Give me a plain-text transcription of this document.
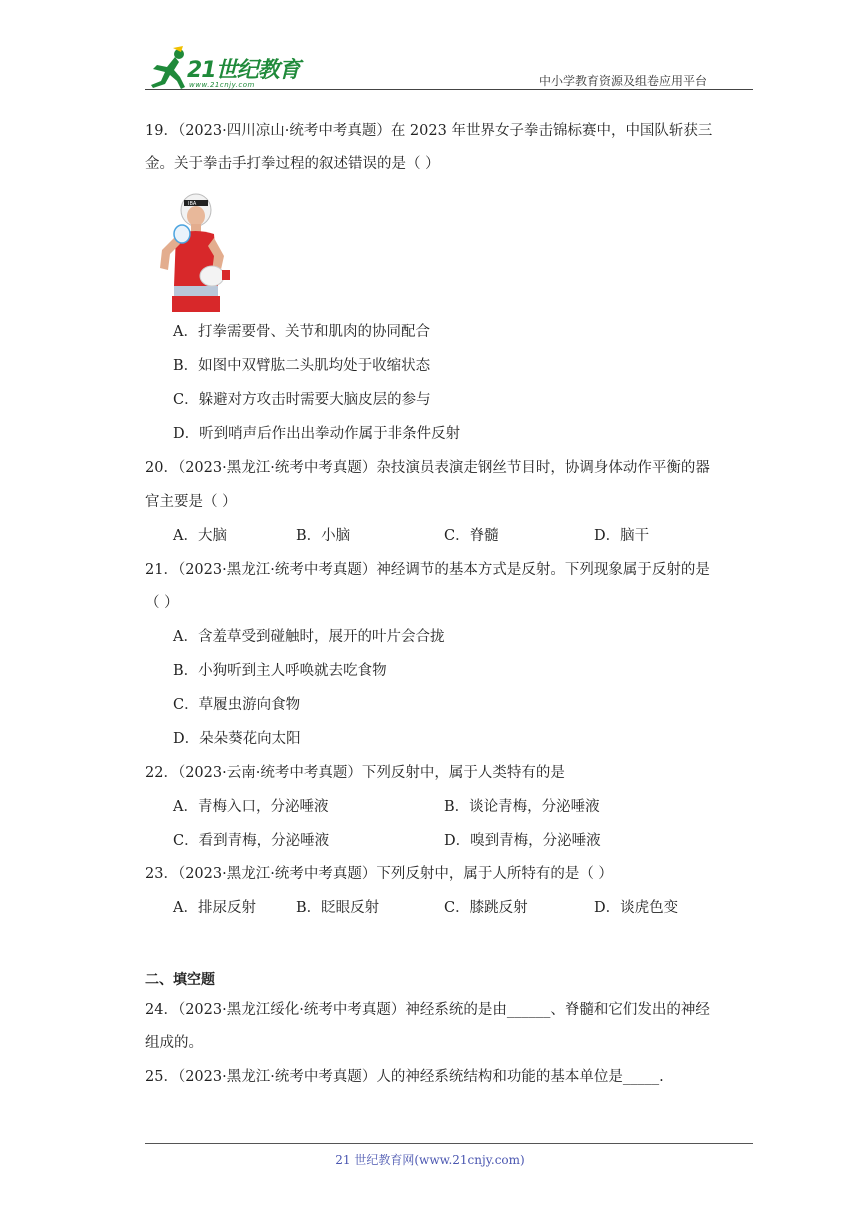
21世纪教育
www.21cnjy.com	中小学教育资源及组卷应用平台
19．（2023·四川凉山·统考中考真题）在 2023 年世界女子拳击锦标赛中，中国队斩获三
金。关于拳击手打拳过程的叙述错误的是（ ）
IBA
A．打拳需要骨、关节和肌肉的协同配合
B．如图中双臂肱二头肌均处于收缩状态
C．躲避对方攻击时需要大脑皮层的参与
D．听到哨声后作出出拳动作属于非条件反射
20．（2023·黑龙江·统考中考真题）杂技演员表演走钢丝节目时，协调身体动作平衡的器
官主要是（ ）
A．大脑	B．小脑	C．脊髓	D．脑干
21．（2023·黑龙江·统考中考真题）神经调节的基本方式是反射。下列现象属于反射的是
（ ）
A．含羞草受到碰触时，展开的叶片会合拢
B．小狗听到主人呼唤就去吃食物
C．草履虫游向食物
D．朵朵葵花向太阳
22．（2023·云南·统考中考真题）下列反射中，属于人类特有的是
A．青梅入口，分泌唾液	B．谈论青梅，分泌唾液
C．看到青梅，分泌唾液	D．嗅到青梅，分泌唾液
23．（2023·黑龙江·统考中考真题）下列反射中，属于人所特有的是（ ）
A．排尿反射	B．眨眼反射	C．膝跳反射	D．谈虎色变
二、填空题
24．（2023·黑龙江绥化·统考中考真题）神经系统的是由______、脊髓和它们发出的神经
组成的。
25．（2023·黑龙江·统考中考真题）人的神经系统结构和功能的基本单位是_____.
21 世纪教育网(www.21cnjy.com)
